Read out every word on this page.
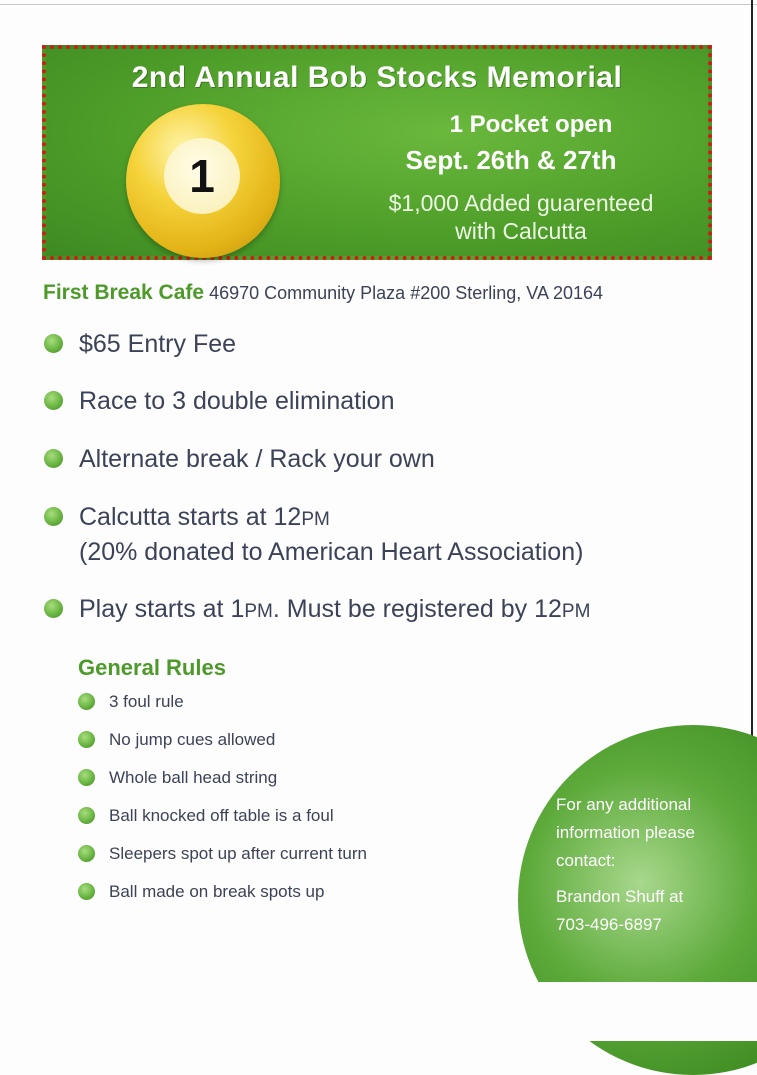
2nd Annual Bob Stocks Memorial
1
1 Pocket open
Sept. 26th & 27th
$1,000 Added guarenteed
with Calcutta
First Break Cafe 46970 Community Plaza #200 Sterling, VA 20164

$65 Entry Fee

Race to 3 double elimination

Alternate break / Rack your own

Calcutta starts at 12PM
(20% donated to American Heart Association)

Play starts at 1PM. Must be registered by 12PM

General Rules
3 foul rule
No jump cues allowed
Whole ball head string
Ball knocked off table is a foul
Sleepers spot up after current turn
Ball made on break spots up
For any additional
information please
contact:
Brandon Shuff at
703-496-6897
